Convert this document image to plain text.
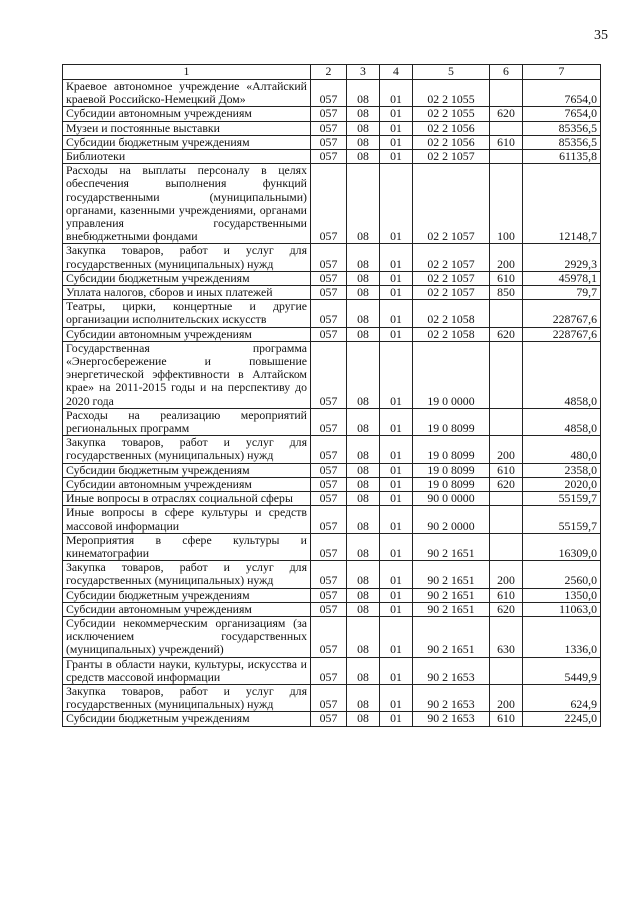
35
1	2	3	4	5	6	7
Краевое автономное учреждение «Алтайский краевой Российско-Немецкий Дом»	057	08	01	02 2 1055		7654,0
Субсидии автономным учреждениям	057	08	01	02 2 1055	620	7654,0
Музеи и постоянные выставки	057	08	01	02 2 1056		85356,5
Субсидии бюджетным учреждениям	057	08	01	02 2 1056	610	85356,5
Библиотеки	057	08	01	02 2 1057		61135,8
Расходы на выплаты персоналу в целях обеспечения выполнения функций государственными (муниципальными) органами, казенными учреждениями, органами управления государственными внебюджетными фондами	057	08	01	02 2 1057	100	12148,7
Закупка товаров, работ и услуг для государственных (муниципальных) нужд	057	08	01	02 2 1057	200	2929,3
Субсидии бюджетным учреждениям	057	08	01	02 2 1057	610	45978,1
Уплата налогов, сборов и иных платежей	057	08	01	02 2 1057	850	79,7
Театры, цирки, концертные и другие организации исполнительских искусств	057	08	01	02 2 1058		228767,6
Субсидии автономным учреждениям	057	08	01	02 2 1058	620	228767,6
Государственная программа «Энергосбережение и повышение энергетической эффективности в Алтайском крае» на 2011-2015 годы и на перспективу до 2020 года	057	08	01	19 0 0000		4858,0
Расходы на реализацию мероприятий региональных программ	057	08	01	19 0 8099		4858,0
Закупка товаров, работ и услуг для государственных (муниципальных) нужд	057	08	01	19 0 8099	200	480,0
Субсидии бюджетным учреждениям	057	08	01	19 0 8099	610	2358,0
Субсидии автономным учреждениям	057	08	01	19 0 8099	620	2020,0
Иные вопросы в отраслях социальной сферы	057	08	01	90 0 0000		55159,7
Иные вопросы в сфере культуры и средств массовой информации	057	08	01	90 2 0000		55159,7
Мероприятия в сфере культуры и кинематографии	057	08	01	90 2 1651		16309,0
Закупка товаров, работ и услуг для государственных (муниципальных) нужд	057	08	01	90 2 1651	200	2560,0
Субсидии бюджетным учреждениям	057	08	01	90 2 1651	610	1350,0
Субсидии автономным учреждениям	057	08	01	90 2 1651	620	11063,0
Субсидии некоммерческим организациям (за исключением государственных (муниципальных) учреждений)	057	08	01	90 2 1651	630	1336,0
Гранты в области науки, культуры, искусства и средств массовой информации	057	08	01	90 2 1653		5449,9
Закупка товаров, работ и услуг для государственных (муниципальных) нужд	057	08	01	90 2 1653	200	624,9
Субсидии бюджетным учреждениям	057	08	01	90 2 1653	610	2245,0
